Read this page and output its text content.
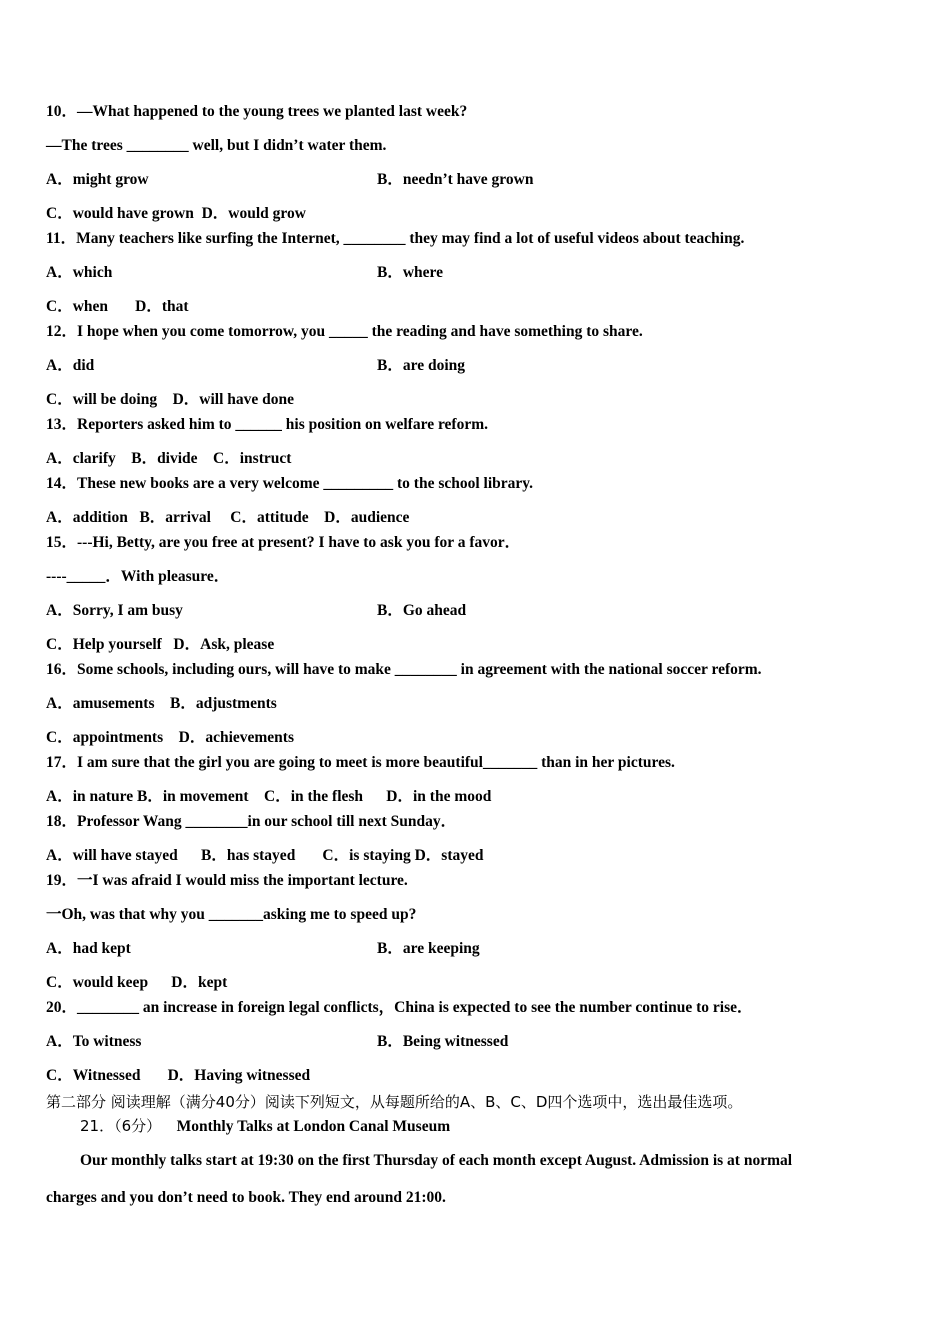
10．—What happened to the young trees we planted last week?
—The trees ________ well, but I didn’t water them.
A．might grow	B．needn’t have grown
C．would have grown  D．would grow
11．Many teachers like surfing the Internet, ________ they may find a lot of useful videos about teaching.
A．which	B．where
C．when       D．that
12．I hope when you come tomorrow, you _____ the reading and have something to share.
A．did	B．are doing
C．will be doing    D．will have done
13．Reporters asked him to ______ his position on welfare reform.
A．clarify    B．divide    C．instruct
14．These new books are a very welcome _________ to the school library.
A．addition   B．arrival     C．attitude    D．audience
15．---Hi, Betty, are you free at present? I have to ask you for a favor．
----_____．With pleasure．
A．Sorry, I am busy	B．Go ahead
C．Help yourself   D．Ask, please
16．Some schools, including ours, will have to make ________ in agreement with the national soccer reform.
A．amusements    B．adjustments
C．appointments    D．achievements
17．I am sure that the girl you are going to meet is more beautiful_______ than in her pictures.
A．in nature B．in movement    C．in the flesh      D．in the mood
18．Professor Wang ________in our school till next Sunday．
A．will have stayed      B．has stayed       C．is staying D．stayed
19．一I was afraid I would miss the important lecture.
一Oh, was that why you _______asking me to speed up?
A．had kept	B．are keeping
C．would keep      D．kept
20．________ an increase in foreign legal conflicts，China is expected to see the number continue to rise．
A．To witness	B．Being witnessed
C．Witnessed       D．Having witnessed
第二部分 阅读理解（满分40分）阅读下列短文，从每题所给的A、B、C、D四个选项中，选出最佳选项。
21．（6分） Monthly Talks at London Canal Museum
Our monthly talks start at 19:30 on the first Thursday of each month except August. Admission is at normal
charges and you don’t need to book. They end around 21:00.
